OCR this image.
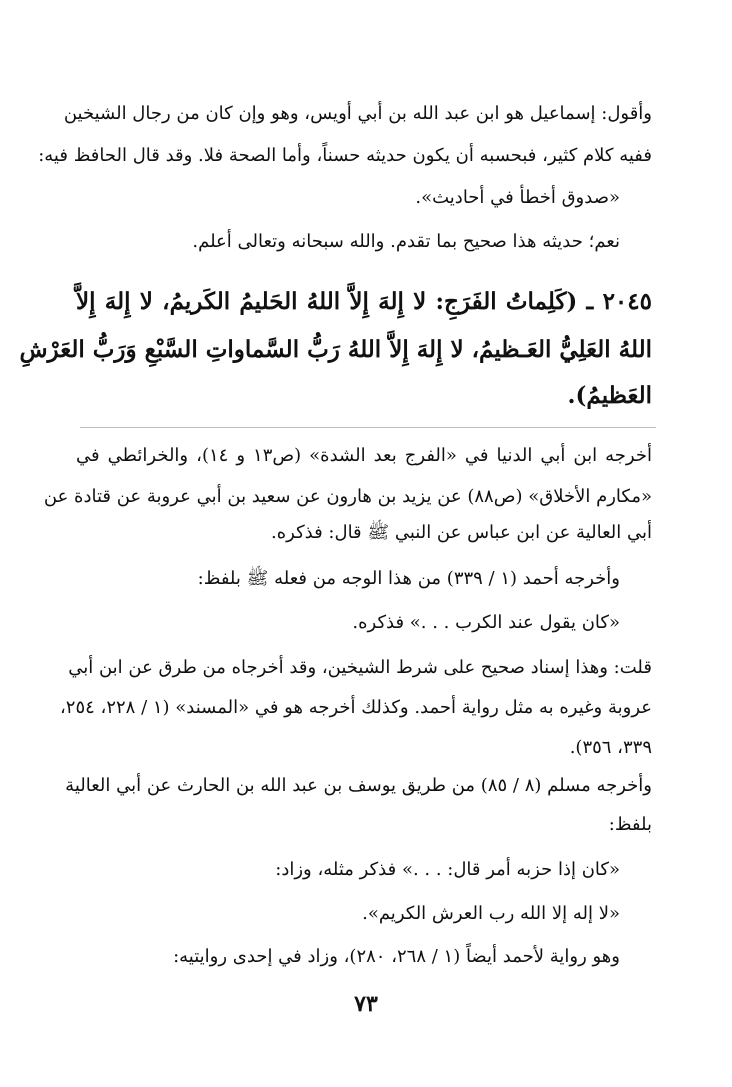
وأقول: إسماعيل هو ابن عبد الله بن أبي أويس، وهو وإن كان من رجال الشيخين
ففيه كلام كثير، فبحسبه أن يكون حديثه حسناً، وأما الصحة فلا. وقد قال الحافظ فيه:
«صدوق أخطأ في أحاديث».
نعم؛ حديثه هذا صحيح بما تقدم. والله سبحانه وتعالى أعلم.
٢٠٤٥ ـ (كَلِماتُ الفَرَجِ: لا إِلهَ إِلاَّ اللهُ الحَليمُ الكَريمُ، لا إِلهَ إِلاَّ
اللهُ العَلِيُّ العَـظيمُ، لا إِلهَ إِلاَّ اللهُ رَبُّ السَّماواتِ السَّبْعِ وَرَبُّ العَرْشِ
العَظيمُ).
أخرجه ابن أبي الدنيا في «الفرج بعد الشدة» (ص١٣ و ١٤)، والخرائطي في
«مكارم الأخلاق» (ص٨٨) عن يزيد بن هارون عن سعيد بن أبي عروبة عن قتادة عن
أبي العالية عن ابن عباس عن النبي ﷺ قال: فذكره.
وأخرجه أحمد (١ / ٣٣٩) من هذا الوجه من فعله ﷺ بلفظ:
«كان يقول عند الكرب . . .» فذكره.
قلت: وهذا إسناد صحيح على شرط الشيخين، وقد أخرجاه من طرق عن ابن أبي
عروبة وغيره به مثل رواية أحمد. وكذلك أخرجه هو في «المسند» (١ / ٢٢٨، ٢٥٤،
٣٣٩، ٣٥٦).
وأخرجه مسلم (٨ / ٨٥) من طريق يوسف بن عبد الله بن الحارث عن أبي العالية
بلفظ:
«كان إذا حزبه أمر قال: . . .» فذكر مثله، وزاد:
«لا إله إلا الله رب العرش الكريم».
وهو رواية لأحمد أيضاً (١ / ٢٦٨، ٢٨٠)، وزاد في إحدى روايتيه:
٧٣
